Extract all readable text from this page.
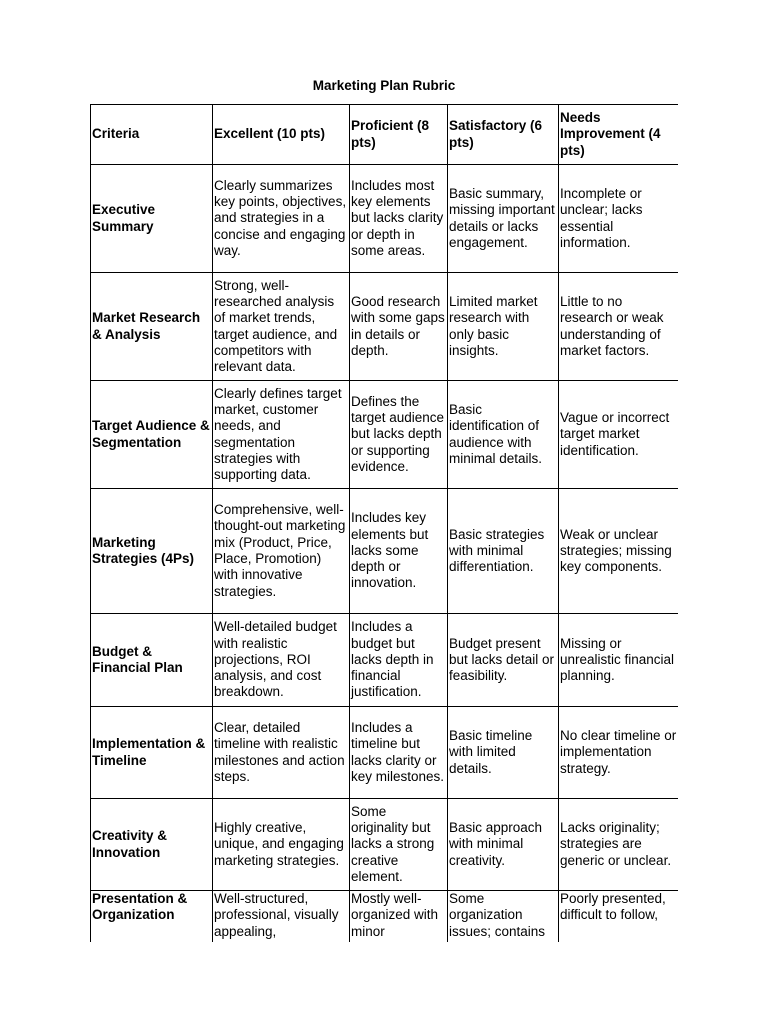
Marketing Plan Rubric
Criteria	Excellent (10 pts)	Proficient (8 pts)	Satisfactory (6 pts)	Needs Improvement (4 pts)
Executive Summary	Clearly summarizes key points, objectives, and strategies in a concise and engaging way.	Includes most key elements but lacks clarity or depth in some areas.	Basic summary, missing important details or lacks engagement.	Incomplete or unclear; lacks essential information.
Market Research & Analysis	Strong, well-researched analysis of market trends, target audience, and competitors with relevant data.	Good research with some gaps in details or depth.	Limited market research with only basic insights.	Little to no research or weak understanding of market factors.
Target Audience & Segmentation	Clearly defines target market, customer needs, and segmentation strategies with supporting data.	Defines the target audience but lacks depth or supporting evidence.	Basic identification of audience with minimal details.	Vague or incorrect target market identification.
Marketing Strategies (4Ps)	Comprehensive, well-thought-out marketing mix (Product, Price, Place, Promotion) with innovative strategies.	Includes key elements but lacks some depth or innovation.	Basic strategies with minimal differentiation.	Weak or unclear strategies; missing key components.
Budget & Financial Plan	Well-detailed budget with realistic projections, ROI analysis, and cost breakdown.	Includes a budget but lacks depth in financial justification.	Budget present but lacks detail or feasibility.	Missing or unrealistic financial planning.
Implementation & Timeline	Clear, detailed timeline with realistic milestones and action steps.	Includes a timeline but lacks clarity or key milestones.	Basic timeline with limited details.	No clear timeline or implementation strategy.
Creativity & Innovation	Highly creative, unique, and engaging marketing strategies.	Some originality but lacks a strong creative element.	Basic approach with minimal creativity.	Lacks originality; strategies are generic or unclear.
Presentation & Organization	Well-structured, professional, visually appealing,	Mostly well-organized with minor	Some organization issues; contains	Poorly presented, difficult to follow,
